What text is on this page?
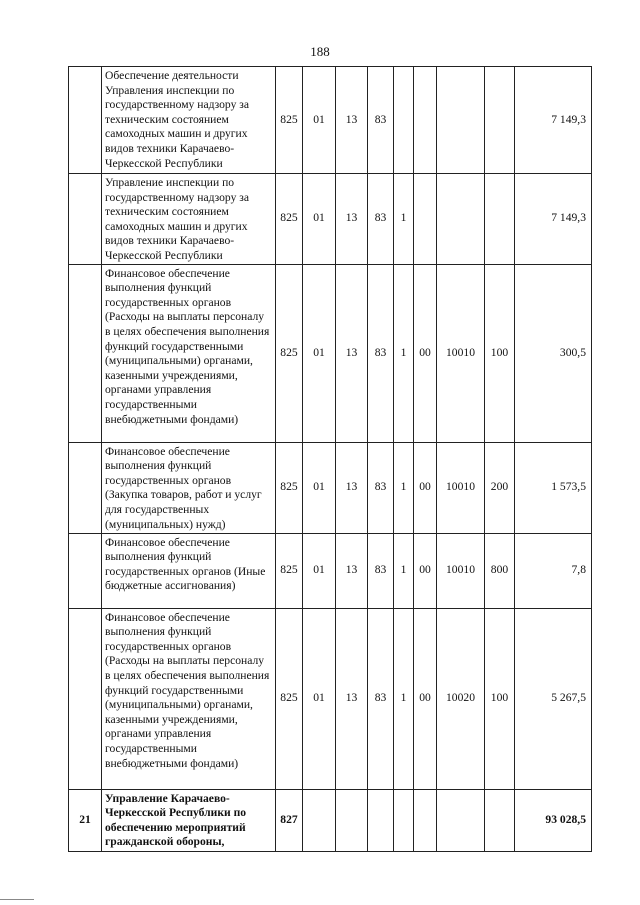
188
	Обеспечение деятельности Управления инспекции по государственному надзору за техническим состоянием самоходных машин и других видов техники Карачаево-Черкесской Республики	825	01	13	83					7 149,3
	Управление инспекции по государственному надзору за техническим состоянием самоходных машин и других видов техники Карачаево-Черкесской Республики	825	01	13	83	1				7 149,3
	Финансовое обеспечение выполнения функций государственных органов (Расходы на выплаты персоналу в целях обеспечения выполнения функций государственными (муниципальными) органами, казенными учреждениями, органами управления государственными внебюджетными фондами)	825	01	13	83	1	00	10010	100	300,5
	Финансовое обеспечение выполнения функций государственных органов (Закупка товаров, работ и услуг для государственных (муниципальных) нужд)	825	01	13	83	1	00	10010	200	1 573,5
	Финансовое обеспечение выполнения функций государственных органов (Иные бюджетные ассигнования)	825	01	13	83	1	00	10010	800	7,8
	Финансовое обеспечение выполнения функций государственных органов (Расходы на выплаты персоналу в целях обеспечения выполнения функций государственными (муниципальными) органами, казенными учреждениями, органами управления государственными внебюджетными фондами)	825	01	13	83	1	00	10020	100	5 267,5
21	Управление Карачаево-Черкесской Республики по обеспечению мероприятий гражданской обороны,	827								93 028,5
